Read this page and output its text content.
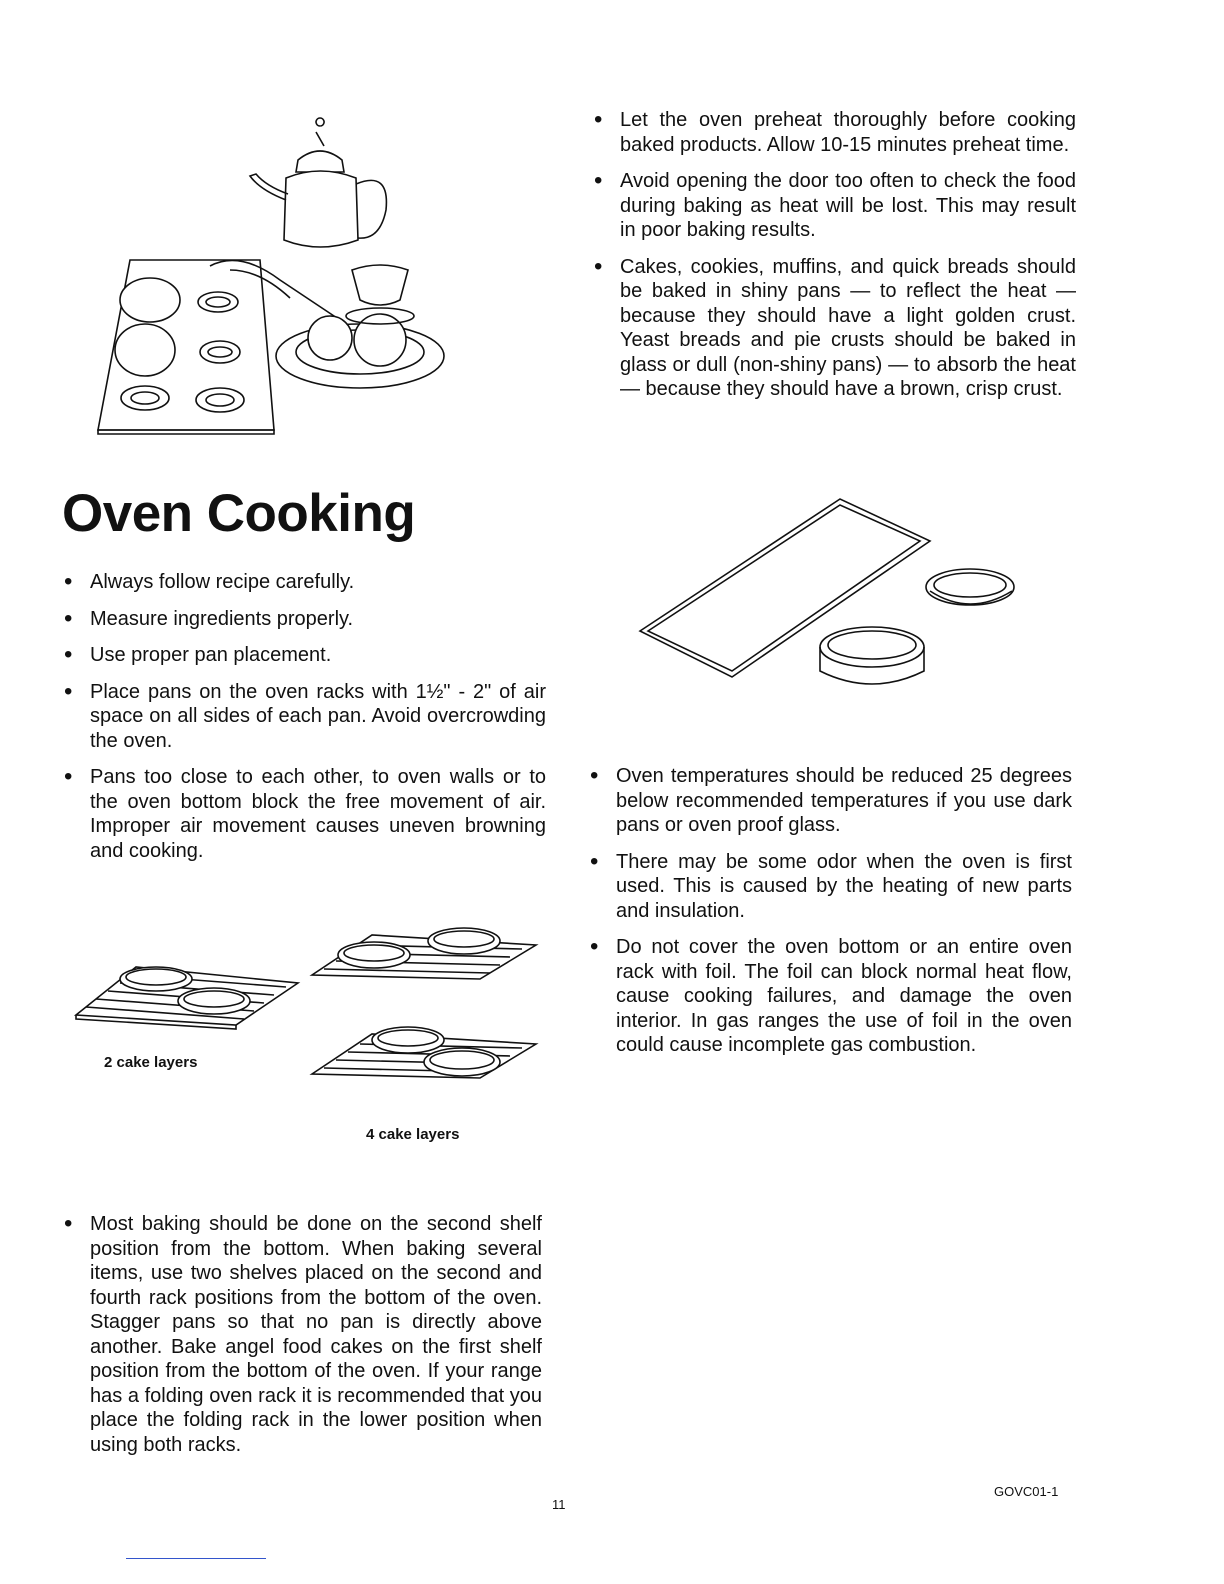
• Let the oven preheat thoroughly before cooking baked products. Allow 10-15 minutes preheat time.
• Avoid opening the door too often to check the food during baking as heat will be lost. This may result in poor baking results.
• Cakes, cookies, muffins, and quick breads should be baked in shiny pans — to reflect the heat — because they should have a light golden crust. Yeast breads and pie crusts should be baked in glass or dull (non-shiny pans) — to absorb the heat — because they should have a brown, crisp crust.
Oven Cooking
• Always follow recipe carefully.
• Measure ingredients properly.
• Use proper pan placement.
• Place pans on the oven racks with 1½" - 2" of air space on all sides of each pan. Avoid overcrowding the oven.
• Pans too close to each other, to oven walls or to the oven bottom block the free movement of air. Improper air movement causes uneven browning and cooking.
• Oven temperatures should be reduced 25 degrees below recommended temperatures if you use dark pans or oven proof glass.
• There may be some odor when the oven is first used. This is caused by the heating of new parts and insulation.
• Do not cover the oven bottom or an entire oven rack with foil. The foil can block normal heat flow, cause cooking failures, and damage the oven interior. In gas ranges the use of foil in the oven could cause incomplete gas combustion.
2 cake layers
4 cake layers
• Most baking should be done on the second shelf position from the bottom. When baking several items, use two shelves placed on the second and fourth rack positions from the bottom of the oven. Stagger pans so that no pan is directly above another. Bake angel food cakes on the first shelf position from the bottom of the oven. If your range has a folding oven rack it is recommended that you place the folding rack in the lower position when using both racks.
11
GOVC01-1
